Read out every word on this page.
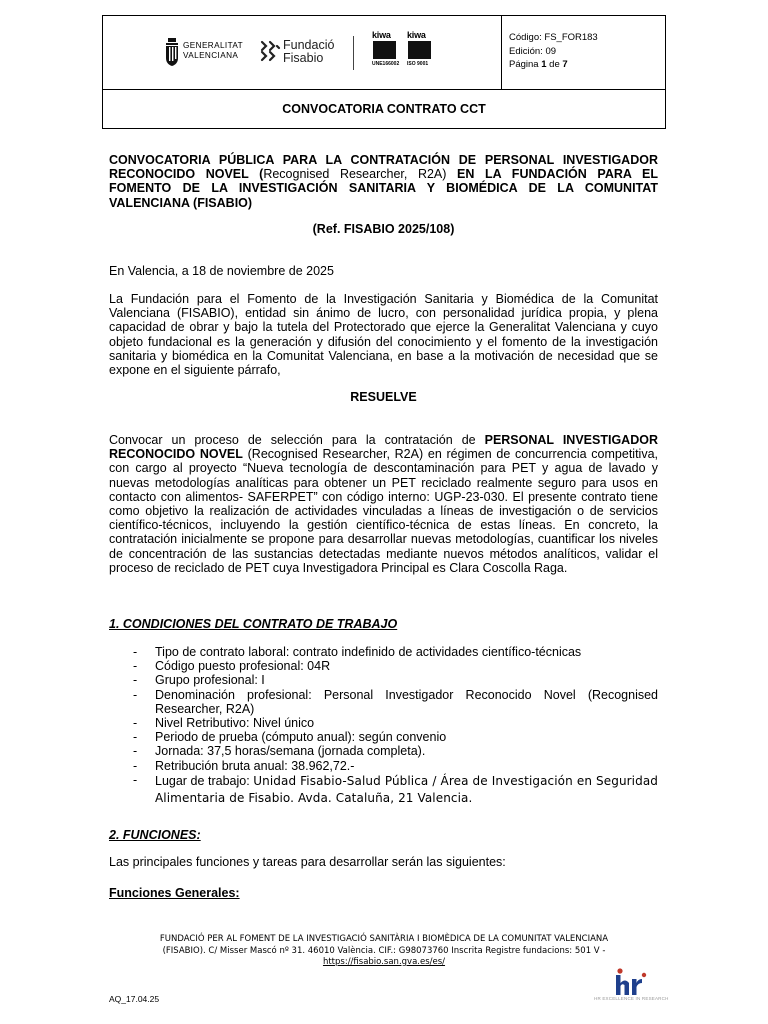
GENERALITAT
VALENCIANA
Fundació
Fisabio
kiwa
UNE166002
kiwa
ISO 9001
Código: FS_FOR183
Edición: 09
Página 1 de 7
CONVOCATORIA CONTRATO CCT
CONVOCATORIA PÚBLICA PARA LA CONTRATACIÓN DE PERSONAL INVESTIGADOR RECONOCIDO NOVEL (Recognised Researcher, R2A) EN LA FUNDACIÓN PARA EL FOMENTO DE LA INVESTIGACIÓN SANITARIA Y BIOMÉDICA DE LA COMUNITAT VALENCIANA (FISABIO)
(Ref. FISABIO 2025/108)
En Valencia, a 18 de noviembre de 2025
La Fundación para el Fomento de la Investigación Sanitaria y Biomédica de la Comunitat Valenciana (FISABIO), entidad sin ánimo de lucro, con personalidad jurídica propia, y plena capacidad de obrar y bajo la tutela del Protectorado que ejerce la Generalitat Valenciana y cuyo objeto fundacional es la generación y difusión del conocimiento y el fomento de la investigación sanitaria y biomédica en la Comunitat Valenciana, en base a la motivación de necesidad que se expone en el siguiente párrafo,
RESUELVE
Convocar un proceso de selección para la contratación de PERSONAL INVESTIGADOR RECONOCIDO NOVEL (Recognised Researcher, R2A) en régimen de concurrencia competitiva, con cargo al proyecto “Nueva tecnología de descontaminación para PET y agua de lavado y nuevas metodologías analíticas para obtener un PET reciclado realmente seguro para usos en contacto con alimentos- SAFERPET” con código interno: UGP-23-030. El presente contrato tiene como objetivo la realización de actividades vinculadas a líneas de investigación o de servicios científico-técnicos, incluyendo la gestión científico-técnica de estas líneas. En concreto, la contratación inicialmente se propone para desarrollar nuevas metodologías, cuantificar los niveles de concentración de las sustancias detectadas mediante nuevos métodos analíticos, validar el proceso de reciclado de PET cuya Investigadora Principal es Clara Coscolla Raga.
1. CONDICIONES DEL CONTRATO DE TRABAJO
- Tipo de contrato laboral: contrato indefinido de actividades científico-técnicas
- Código puesto profesional: 04R
- Grupo profesional: I
- Denominación profesional: Personal Investigador Reconocido Novel (Recognised Researcher, R2A)
- Nivel Retributivo: Nivel único
- Periodo de prueba (cómputo anual): según convenio
- Jornada: 37,5 horas/semana (jornada completa).
- Retribución bruta anual: 38.962,72.-
- Lugar de trabajo: Unidad Fisabio-Salud Pública / Área de Investigación en Seguridad Alimentaria de Fisabio. Avda. Cataluña, 21 Valencia.
2. FUNCIONES:
Las principales funciones y tareas para desarrollar serán las siguientes:
Funciones Generales:
FUNDACIÓ PER AL FOMENT DE LA INVESTIGACIÓ SANITÀRIA I BIOMÈDICA DE LA COMUNITAT VALENCIANA
(FISABIO). C/ Misser Mascó nº 31. 46010 València. CIF.: G98073760 Inscrita Registre fundacions: 501 V -
https://fisabio.san.gva.es/es/
AQ_17.04.25	HR EXCELLENCE IN RESEARCH
